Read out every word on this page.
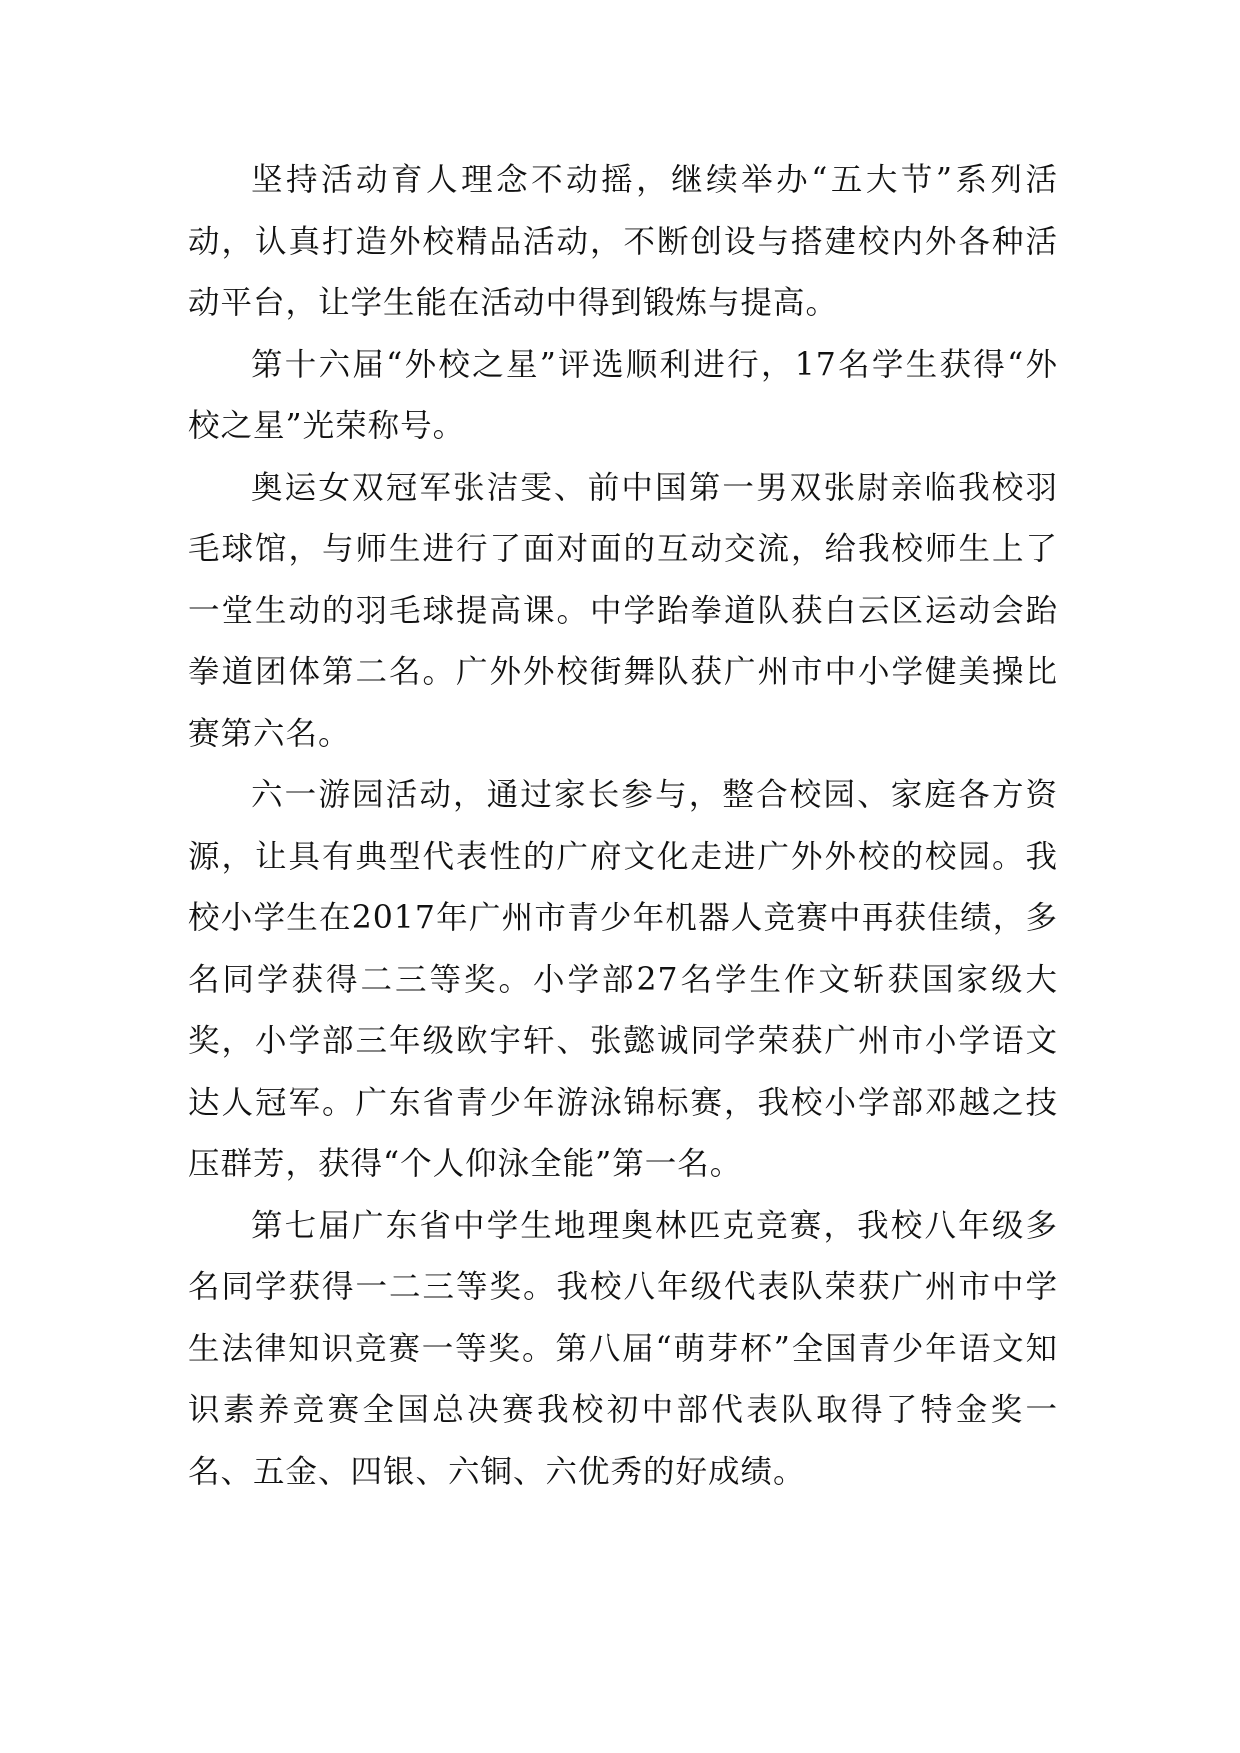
坚持活动育人理念不动摇，继续举办“五大节”系列活动，认真打造外校精品活动，不断创设与搭建校内外各种活动平台，让学生能在活动中得到锻炼与提高。

第十六届“外校之星”评选顺利进行，17名学生获得“外校之星”光荣称号。

奥运女双冠军张洁雯、前中国第一男双张尉亲临我校羽毛球馆，与师生进行了面对面的互动交流，给我校师生上了一堂生动的羽毛球提高课。中学跆拳道队获白云区运动会跆拳道团体第二名。广外外校街舞队获广州市中小学健美操比赛第六名。

六一游园活动，通过家长参与，整合校园、家庭各方资源，让具有典型代表性的广府文化走进广外外校的校园。我校小学生在2017年广州市青少年机器人竞赛中再获佳绩，多名同学获得二三等奖。小学部27名学生作文斩获国家级大奖，小学部三年级欧宇轩、张懿诚同学荣获广州市小学语文达人冠军。广东省青少年游泳锦标赛，我校小学部邓越之技压群芳，获得“个人仰泳全能”第一名。

第七届广东省中学生地理奥林匹克竞赛，我校八年级多名同学获得一二三等奖。我校八年级代表队荣获广州市中学生法律知识竞赛一等奖。第八届“萌芽杯”全国青少年语文知识素养竞赛全国总决赛我校初中部代表队取得了特金奖一名、五金、四银、六铜、六优秀的好成绩。
